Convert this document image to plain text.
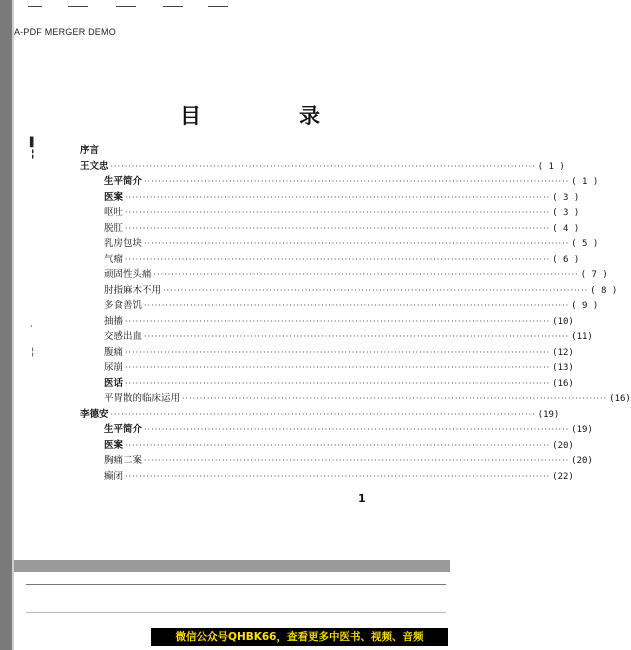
A-PDF MERGER DEMO
目	录
▌
╏
·
╎
序言
王文忠 ························································································································ ( 1 )
生平简介 ························································································································ ( 1 )
医案 ························································································································ ( 3 )
呕吐 ························································································································ ( 3 )
脱肛 ························································································································ ( 4 )
乳房包块 ························································································································ ( 5 )
气瘤 ························································································································ ( 6 )
顽固性头痛 ························································································································ ( 7 )
肘指麻木不用 ························································································································ ( 8 )
多食善饥 ························································································································ ( 9 )
抽搐 ························································································································ (10)
交感出血 ························································································································ (11)
腹痛 ························································································································ (12)
尿崩 ························································································································ (13)
医话 ························································································································ (16)
平胃散的临床运用 ························································································································ (16)
李德安 ························································································································ (19)
生平简介 ························································································································ (19)
医案 ························································································································ (20)
胸痛二案 ························································································································ (20)
癫闭 ························································································································ (22)
1
微信公众号QHBK66，查看更多中医书、视频、音频
